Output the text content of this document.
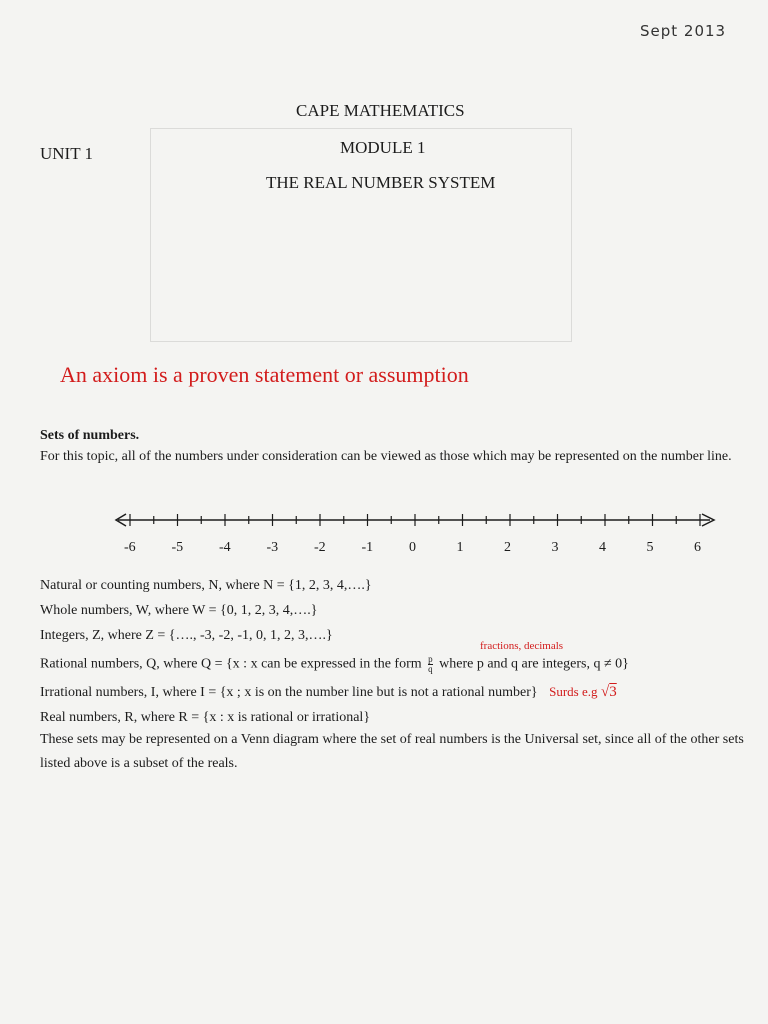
Sept 2013
CAPE MATHEMATICS
UNIT 1	MODULE 1
THE REAL NUMBER SYSTEM
An axiom is a proven statement or assumption
Sets of numbers.
For this topic, all of the numbers under consideration can be viewed as those which may be represented on the number line.
-6	-5	-4	-3	-2	-1	0	1	2	3	4	5	6
Natural or counting numbers, N, where N = {1, 2, 3, 4,….}
Whole numbers, W, where W = {0, 1, 2, 3, 4,….}
Integers, Z, where Z = {…., -3, -2, -1, 0, 1, 2, 3,….}
fractions, decimals
Rational numbers, Q, where Q = {x : x can be expressed in the form $\frac{p}{q}$ where p and q are integers, q ≠ 0}
Irrational numbers, I, where I = {x ; x is on the number line but is not a rational number} Surds e.g √3
Real numbers, R, where R = {x : x is rational or irrational}
These sets may be represented on a Venn diagram where the set of real numbers is the Universal set, since all of the other sets listed above is a subset of the reals.
